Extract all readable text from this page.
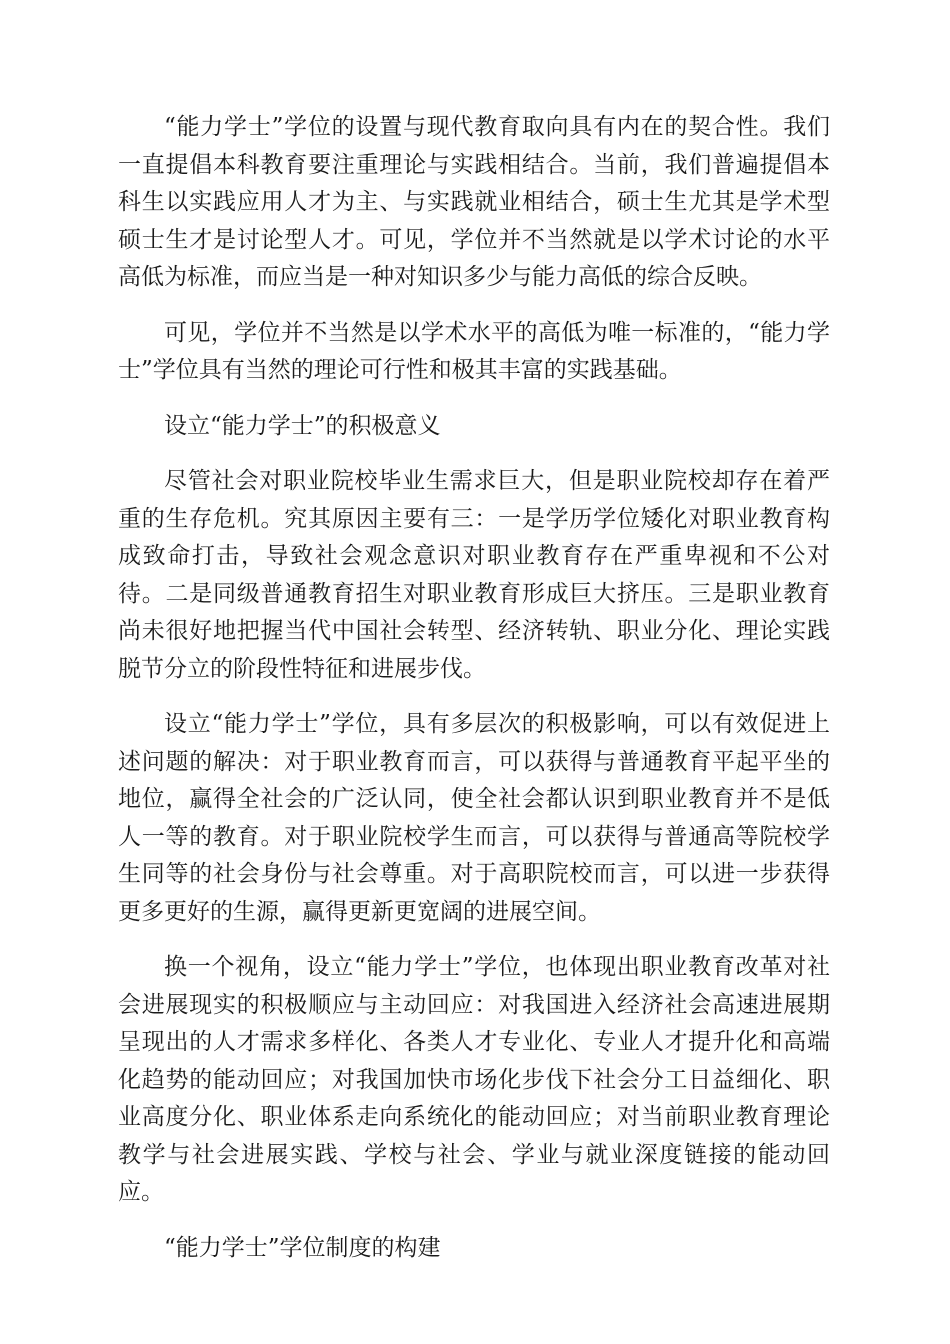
“能力学士”学位的设置与现代教育取向具有内在的契合性。我们一直提倡本科教育要注重理论与实践相结合。当前，我们普遍提倡本科生以实践应用人才为主、与实践就业相结合，硕士生尤其是学术型硕士生才是讨论型人才。可见，学位并不当然就是以学术讨论的水平高低为标准，而应当是一种对知识多少与能力高低的综合反映。

可见，学位并不当然是以学术水平的高低为唯一标准的，“能力学士”学位具有当然的理论可行性和极其丰富的实践基础。

设立“能力学士”的积极意义

尽管社会对职业院校毕业生需求巨大，但是职业院校却存在着严重的生存危机。究其原因主要有三：一是学历学位矮化对职业教育构成致命打击，导致社会观念意识对职业教育存在严重卑视和不公对待。二是同级普通教育招生对职业教育形成巨大挤压。三是职业教育尚未很好地把握当代中国社会转型、经济转轨、职业分化、理论实践脱节分立的阶段性特征和进展步伐。

设立“能力学士”学位，具有多层次的积极影响，可以有效促进上述问题的解决：对于职业教育而言，可以获得与普通教育平起平坐的地位，赢得全社会的广泛认同，使全社会都认识到职业教育并不是低人一等的教育。对于职业院校学生而言，可以获得与普通高等院校学生同等的社会身份与社会尊重。对于高职院校而言，可以进一步获得更多更好的生源，赢得更新更宽阔的进展空间。

换一个视角，设立“能力学士”学位，也体现出职业教育改革对社会进展现实的积极顺应与主动回应：对我国进入经济社会高速进展期呈现出的人才需求多样化、各类人才专业化、专业人才提升化和高端化趋势的能动回应；对我国加快市场化步伐下社会分工日益细化、职业高度分化、职业体系走向系统化的能动回应；对当前职业教育理论教学与社会进展实践、学校与社会、学业与就业深度链接的能动回应。

“能力学士”学位制度的构建
